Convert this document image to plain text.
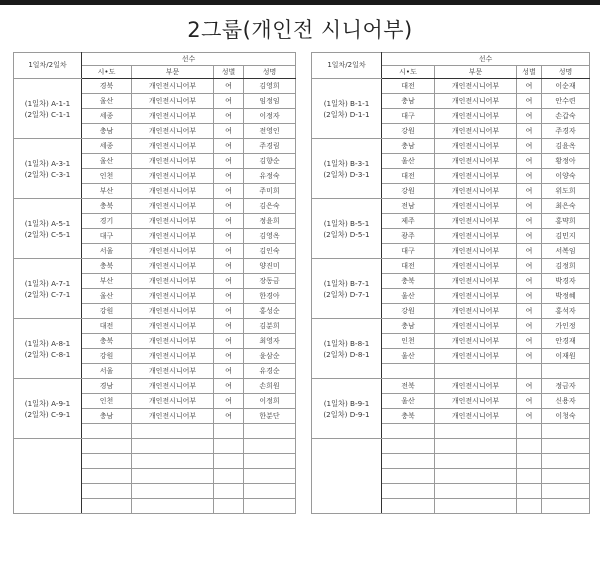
2그룹(개인전 시니어부)
1일차/2일차	선수			
	시•도	부문	성별	성명
(1일차) A-1-1
(2일차) C-1-1	경북	개인전시니어부	여	김영희
	울산	개인전시니어부	여	임정임
	세종	개인전시니어부	여	이정자
	충남	개인전시니어부	여	전영인
(1일차) A-3-1
(2일차) C-3-1	세종	개인전시니어부	여	주경림
	울산	개인전시니어부	여	김향순
	인천	개인전시니어부	여	유정숙
	부산	개인전시니어부	여	주미희
(1일차) A-5-1
(2일차) C-5-1	충북	개인전시니어부	여	김은숙
	경기	개인전시니어부	여	정윤희
	대구	개인전시니어부	여	김영옥
	서울	개인전시니어부	여	김인숙
(1일차) A-7-1
(2일차) C-7-1	충북	개인전시니어부	여	양진미
	부산	개인전시니어부	여	장동금
	울산	개인전시니어부	여	한경아
	강원	개인전시니어부	여	홍성순
(1일차) A-8-1
(2일차) C-8-1	대전	개인전시니어부	여	김분희
	충북	개인전시니어부	여	최영자
	강원	개인전시니어부	여	윤삼순
	서울	개인전시니어부	여	유경순
(1일차) A-9-1
(2일차) C-9-1	경남	개인전시니어부	여	손희원
	인천	개인전시니어부	여	이정희
	충남	개인전시니어부	여	한분단

1일차/2일차	선수			
	시•도	부문	성별	성명
(1일차) B-1-1
(2일차) D-1-1	대전	개인전시니어부	여	이순재
	충남	개인전시니어부	여	안수련
	대구	개인전시니어부	여	손갑숙
	강원	개인전시니어부	여	주경자
(1일차) B-3-1
(2일차) D-3-1	충남	개인전시니어부	여	김윤옥
	울산	개인전시니어부	여	황정아
	대전	개인전시니어부	여	이양숙
	강원	개인전시니어부	여	위도희
(1일차) B-5-1
(2일차) D-5-1	전남	개인전시니어부	여	최은숙
	제주	개인전시니어부	여	홍먁희
	광주	개인전시니어부	여	김민지
	대구	개인전시니어부	여	서복임
(1일차) B-7-1
(2일차) D-7-1	대전	개인전시니어부	여	김정희
	충북	개인전시니어부	여	박경자
	울산	개인전시니어부	여	박정혜
	강원	개인전시니어부	여	홍석자
(1일차) B-8-1
(2일차) D-8-1	충남	개인전시니어부	여	가인정
	인천	개인전시니어부	여	안경재
	울산	개인전시니어부	여	이재원

(1일차) B-9-1
(2일차) D-9-1	전북	개인전시니어부	여	정금자
	울산	개인전시니어부	여	신용자
	충북	개인전시니어부	여	이청숙
